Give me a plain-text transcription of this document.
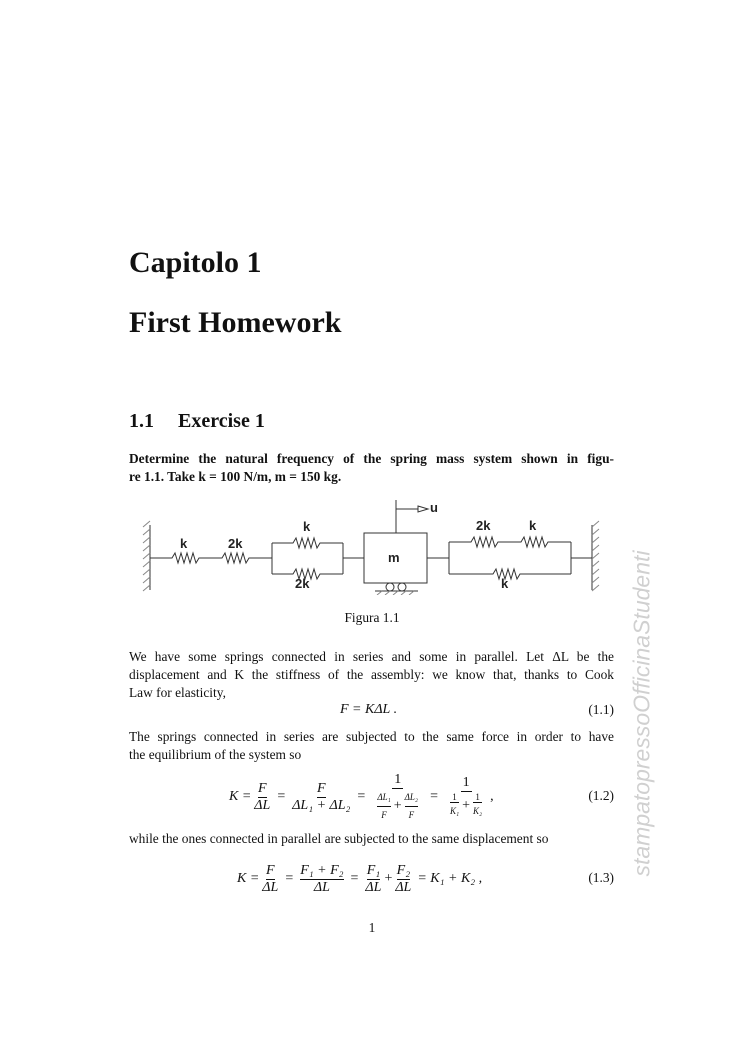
Capitolo 1
First Homework
1.1 Exercise 1
Determine the natural frequency of the spring mass system shown in figu-
re 1.1. Take k = 100 N/m, m = 150 kg.
k	2k
k
2k
m
u
2k	k
k
Figura 1.1
We have some springs connected in series and some in parallel. Let ΔL be the
displacement and K the stiffness of the assembly: we know that, thanks to Cook
Law for elasticity,
F = KΔL .	(1.1)
The springs connected in series are subjected to the same force in order to have
the equilibrium of the system so
$K = \frac{F}{\Delta L} = \frac{F}{\text{ΔL₁ + ΔL₂}} = \frac{1}{\frac{\text{ΔL₁}}{F} + \frac{\text{ΔL₂}}{F}} = \frac{1}{\frac{1}{\text{K₁}} + \frac{1}{\text{K₂}}}$ ,	(1.2)
while the ones connected in parallel are subjected to the same displacement so
$K = \frac{F}{\Delta L} = \frac{\text{F₁ + F₂}}{\Delta L} = \frac{\text{F₁}}{\Delta L} + \frac{\text{F₂}}{\Delta L} = K_1 + K_2$ ,	(1.3)
1
stampatopressoOfficinaStudenti
